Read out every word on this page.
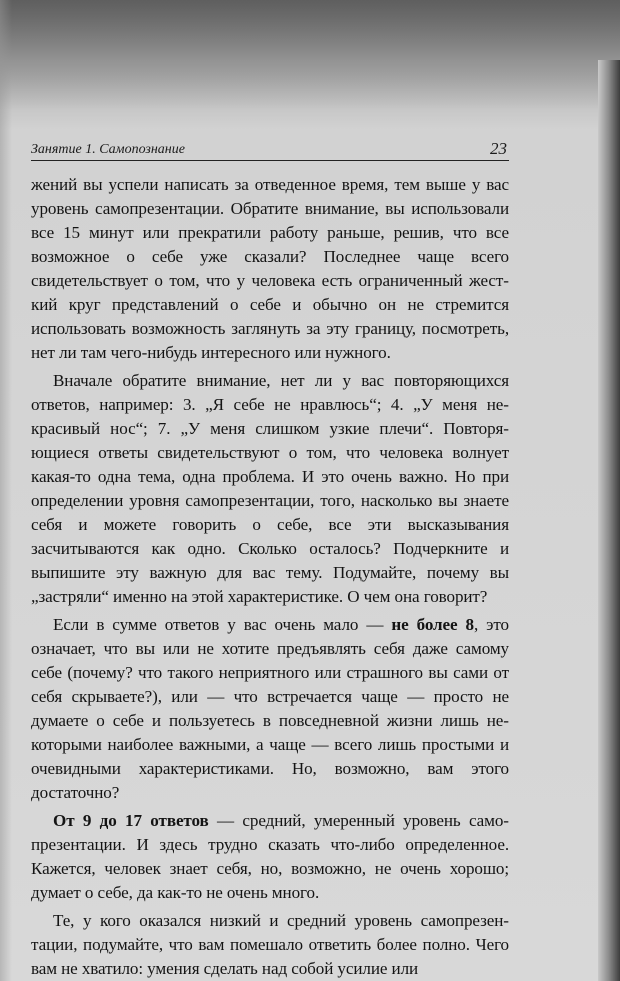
Занятие 1. Самопознание	23

жений вы успели написать за отведенное время, тем выше у вас уровень самопрезентации. Обратите внимание, вы использовали все 15 минут или прекратили работу раньше, решив, что все возможное о себе уже сказали? Последнее чаще всего свидетельствует о том, что у человека есть ограниченный жесткий круг представлений о себе и обычно он не стремится использовать возможность заглянуть за эту границу, посмотреть, нет ли там чего-нибудь интересного или нужного.

Вначале обратите внимание, нет ли у вас повторяющихся ответов, например: 3. „Я себе не нравлюсь“; 4. „У меня некрасивый нос“; 7. „У меня слишком узкие плечи“. Повторяющиеся ответы свидетельствуют о том, что человека волнует какая-то одна тема, одна проблема. И это очень важно. Но при определении уровня самопрезентации, того, насколько вы знаете себя и можете говорить о себе, все эти высказывания засчитываются как одно. Сколько осталось? Подчеркните и выпишите эту важную для вас тему. Подумайте, почему вы „застряли“ именно на этой характеристике. О чем она говорит?

Если в сумме ответов у вас очень мало — не более 8, это означает, что вы или не хотите предъявлять себя даже самому себе (почему? что такого неприятного или страшного вы сами от себя скрываете?), или — что встречается чаще — просто не думаете о себе и пользуетесь в повседневной жизни лишь некоторыми наиболее важными, а чаще — всего лишь простыми и очевидными характеристиками. Но, возможно, вам этого достаточно?

От 9 до 17 ответов — средний, умеренный уровень самопрезентации. И здесь трудно сказать что-либо определенное. Кажется, человек знает себя, но, возможно, не очень хорошо; думает о себе, да как-то не очень много.

Те, у кого оказался низкий и средний уровень самопрезентации, подумайте, что вам помешало ответить более полно. Чего вам не хватило: умения сделать над собой усилие или
